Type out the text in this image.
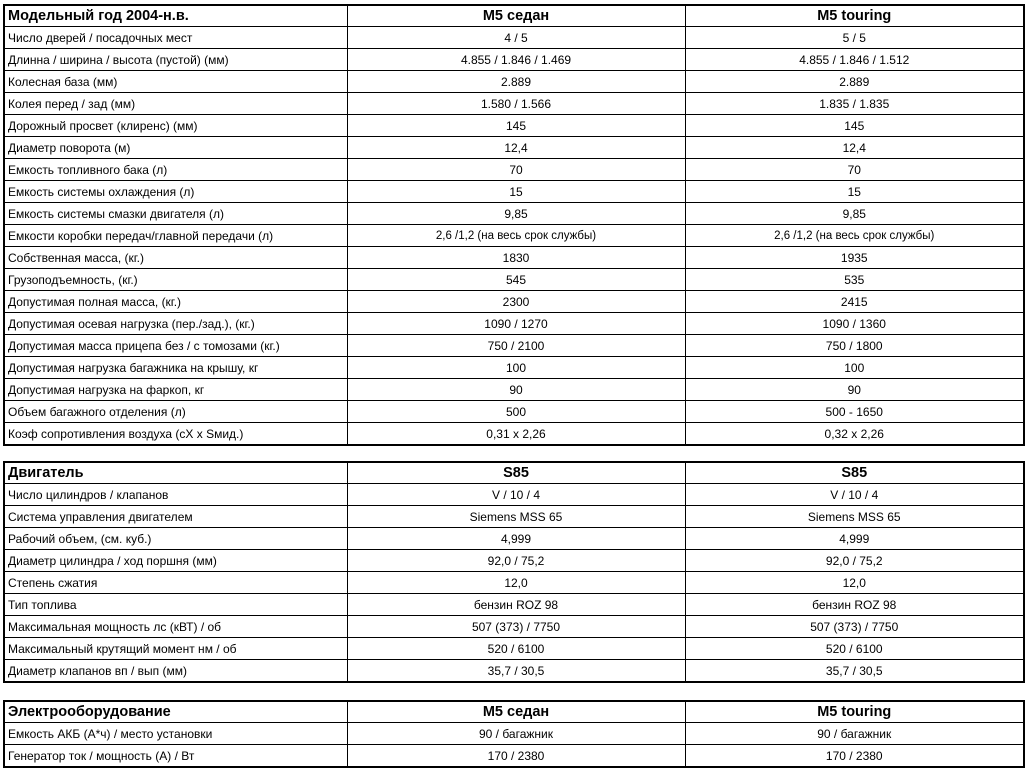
Модельный год 2004-н.в.	M5 седан	M5 touring
Число дверей / посадочных мест	4 / 5	5 / 5
Длинна / ширина / высота (пустой) (мм)	4.855 / 1.846 / 1.469	4.855 / 1.846 / 1.512
Колесная база (мм)	2.889	2.889
Колея перед / зад (мм)	1.580 / 1.566	1.835 / 1.835
Дорожный просвет (клиренс) (мм)	145	145
Диаметр поворота (м)	12,4	12,4
Емкость топливного бака (л)	70	70
Емкость системы охлаждения (л)	15	15
Емкость системы смазки двигателя (л)	9,85	9,85
Емкости коробки передач/главной передачи (л)	2,6 /1,2 (на весь срок службы)	2,6 /1,2 (на весь срок службы)
Собственная масса, (кг.)	1830	1935
Грузоподъемность, (кг.)	545	535
Допустимая полная масса, (кг.)	2300	2415
Допустимая осевая нагрузка (пер./зад.), (кг.)	1090 / 1270	1090 / 1360
Допустимая масса прицепа без / с томозами (кг.)	750 / 2100	750 / 1800
Допустимая нагрузка багажника на крышу, кг	100	100
Допустимая нагрузка на фаркоп, кг	90	90
Объем багажного отделения (л)	500	500 - 1650
Коэф сопротивления воздуха (cX x Sмид.)	0,31 x 2,26	0,32 x 2,26
Двигатель	S85	S85
Число цилиндров / клапанов	V / 10 / 4	V / 10 / 4
Система управления двигателем	Siemens MSS 65	Siemens MSS 65
Рабочий объем, (см. куб.)	4,999	4,999
Диаметр цилиндра / ход поршня (мм)	92,0 / 75,2	92,0 / 75,2
Степень сжатия	12,0	12,0
Тип топлива	бензин ROZ 98	бензин ROZ 98
Максимальная мощность лс (кВТ) / об	507 (373) / 7750	507 (373) / 7750
Максимальный крутящий момент нм / об	520 / 6100	520 / 6100
Диаметр клапанов вп / вып (мм)	35,7 / 30,5	35,7 / 30,5
Электрооборудование	M5 седан	M5 touring
Емкость АКБ (А*ч) / место установки	90 / багажник	90 / багажник
Генератор ток / мощность (А) / Вт	170 / 2380	170 / 2380
